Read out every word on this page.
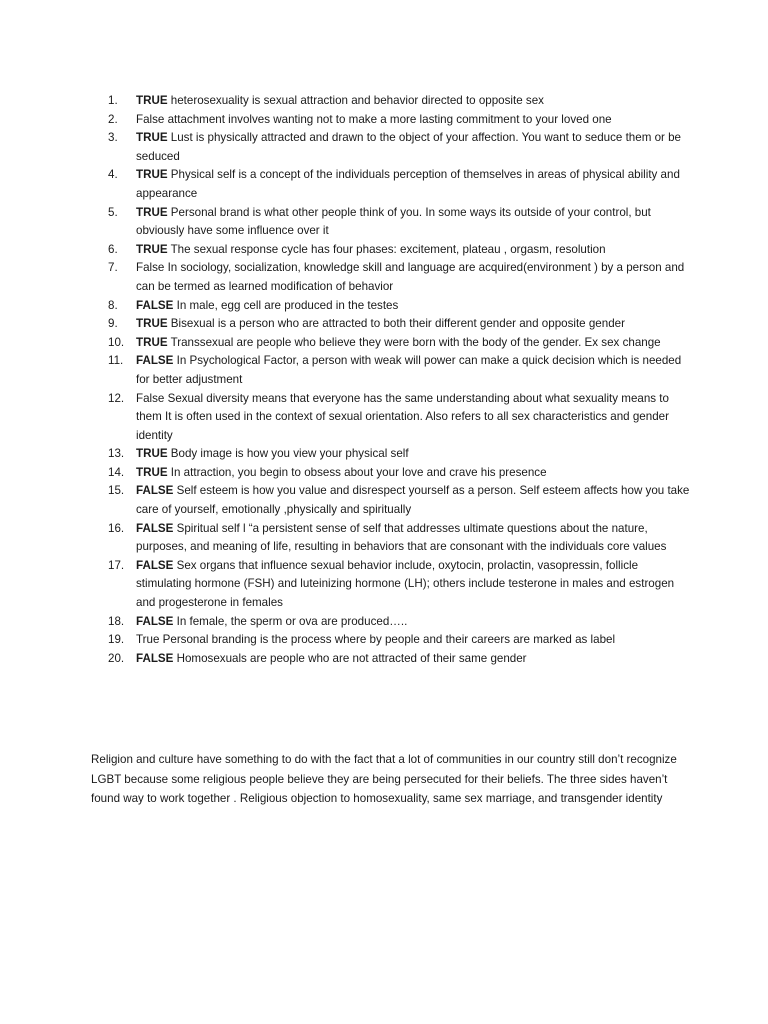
1.	TRUE heterosexuality is sexual attraction and behavior directed to opposite sex
2.	False attachment involves wanting not to make a more lasting commitment to your loved one
3.	TRUE Lust is physically attracted and drawn to the object of your affection. You want to seduce them or be seduced
4.	TRUE Physical self is a concept of the individuals perception of themselves in areas of physical ability and appearance
5.	TRUE Personal brand is what other people think of you. In some ways its outside of your control, but obviously have some influence over it
6.	TRUE The sexual response cycle has four phases: excitement, plateau , orgasm, resolution
7.	False In sociology, socialization, knowledge skill and language are acquired(environment ) by a person and can be termed as learned modification of behavior
8.	FALSE In male, egg cell are produced in the testes
9.	TRUE Bisexual is a person who are attracted to both their different gender and opposite gender
10.	TRUE Transsexual are people who believe they were born with the body of the gender. Ex sex change
11.	FALSE In Psychological Factor, a person with weak will power can make a quick decision which is needed for better adjustment
12.	False Sexual diversity means that everyone has the same understanding about what sexuality means to them It is often used in the context of sexual orientation. Also refers to all sex characteristics and gender identity
13.	TRUE Body image is how you view your physical self
14.	TRUE In attraction, you begin to obsess about your love and crave his presence
15.	FALSE Self esteem is how you value and disrespect yourself as a person. Self esteem affects how you take care of yourself, emotionally ,physically and spiritually
16.	FALSE Spiritual self l “a persistent sense of self that addresses ultimate questions about the nature, purposes, and meaning of life, resulting in behaviors that are consonant with the individuals core values
17.	FALSE Sex organs that influence sexual behavior include, oxytocin, prolactin, vasopressin, follicle stimulating hormone (FSH) and luteinizing hormone (LH); others include testerone in males and estrogen and progesterone in females
18.	FALSE In female, the sperm or ova are produced…..
19.	True Personal branding is the process where by people and their careers are marked as label
20.	FALSE Homosexuals are people who are not attracted of their same gender

Religion and culture have something to do with the fact that a lot of communities in our country still don’t recognize LGBT because some religious people believe they are being persecuted for their beliefs. The three sides haven’t found way to work together . Religious objection to homosexuality, same sex marriage, and transgender identity
